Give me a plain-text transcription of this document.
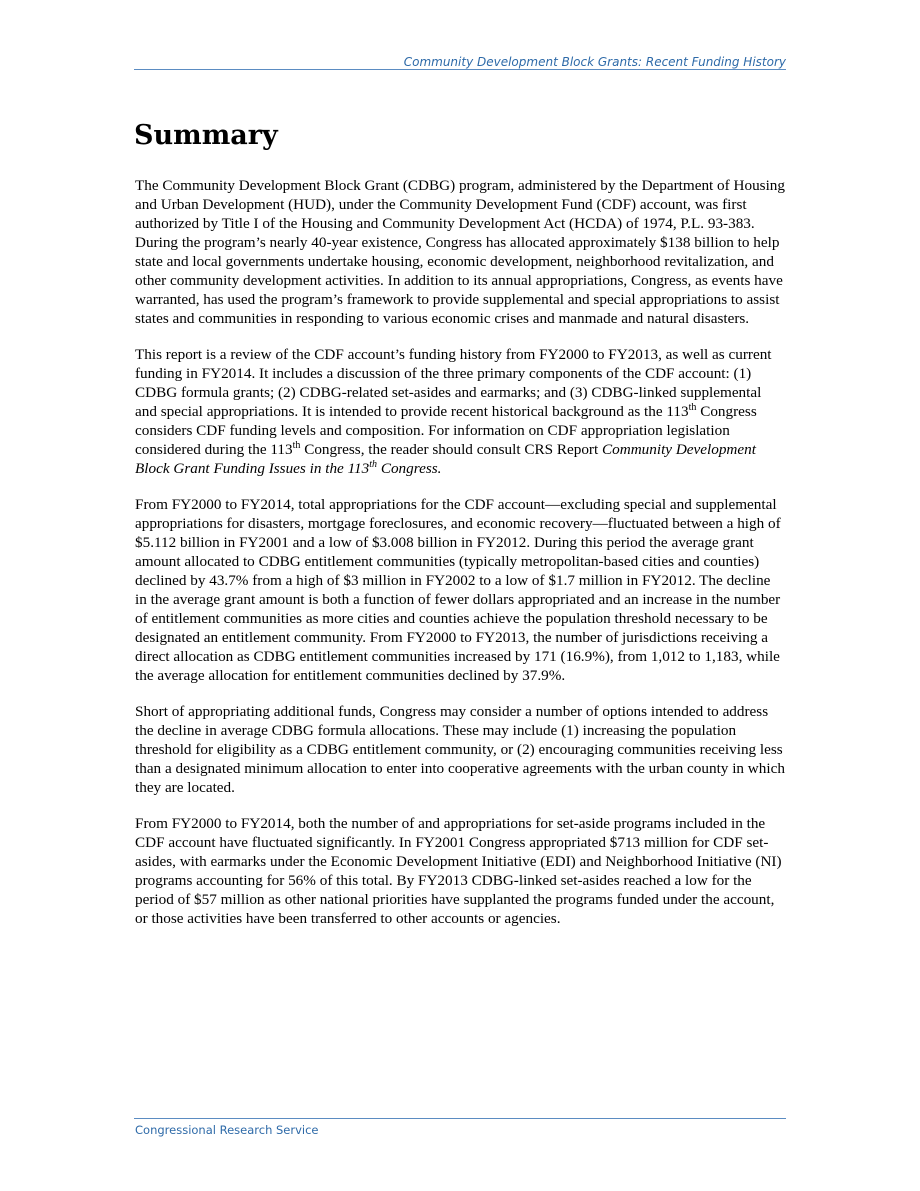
Community Development Block Grants: Recent Funding History
Summary

The Community Development Block Grant (CDBG) program, administered by the Department of Housing and Urban Development (HUD), under the Community Development Fund (CDF) account, was first authorized by Title I of the Housing and Community Development Act (HCDA) of 1974, P.L. 93-383. During the program’s nearly 40-year existence, Congress has allocated approximately $138 billion to help state and local governments undertake housing, economic development, neighborhood revitalization, and other community development activities. In addition to its annual appropriations, Congress, as events have warranted, has used the program’s framework to provide supplemental and special appropriations to assist states and communities in responding to various economic crises and manmade and natural disasters.

This report is a review of the CDF account’s funding history from FY2000 to FY2013, as well as current funding in FY2014. It includes a discussion of the three primary components of the CDF account: (1) CDBG formula grants; (2) CDBG-related set-asides and earmarks; and (3) CDBG-linked supplemental and special appropriations. It is intended to provide recent historical background as the 113th Congress considers CDF funding levels and composition. For information on CDF appropriation legislation considered during the 113th Congress, the reader should consult CRS Report Community Development Block Grant Funding Issues in the 113th Congress.

From FY2000 to FY2014, total appropriations for the CDF account—excluding special and supplemental appropriations for disasters, mortgage foreclosures, and economic recovery—fluctuated between a high of $5.112 billion in FY2001 and a low of $3.008 billion in FY2012. During this period the average grant amount allocated to CDBG entitlement communities (typically metropolitan-based cities and counties) declined by 43.7% from a high of $3 million in FY2002 to a low of $1.7 million in FY2012. The decline in the average grant amount is both a function of fewer dollars appropriated and an increase in the number of entitlement communities as more cities and counties achieve the population threshold necessary to be designated an entitlement community. From FY2000 to FY2013, the number of jurisdictions receiving a direct allocation as CDBG entitlement communities increased by 171 (16.9%), from 1,012 to 1,183, while the average allocation for entitlement communities declined by 37.9%.

Short of appropriating additional funds, Congress may consider a number of options intended to address the decline in average CDBG formula allocations. These may include (1) increasing the population threshold for eligibility as a CDBG entitlement community, or (2) encouraging communities receiving less than a designated minimum allocation to enter into cooperative agreements with the urban county in which they are located.

From FY2000 to FY2014, both the number of and appropriations for set-aside programs included in the CDF account have fluctuated significantly. In FY2001 Congress appropriated $713 million for CDF set-asides, with earmarks under the Economic Development Initiative (EDI) and Neighborhood Initiative (NI) programs accounting for 56% of this total. By FY2013 CDBG-linked set-asides reached a low for the period of $57 million as other national priorities have supplanted the programs funded under the account, or those activities have been transferred to other accounts or agencies.

Congressional Research Service
